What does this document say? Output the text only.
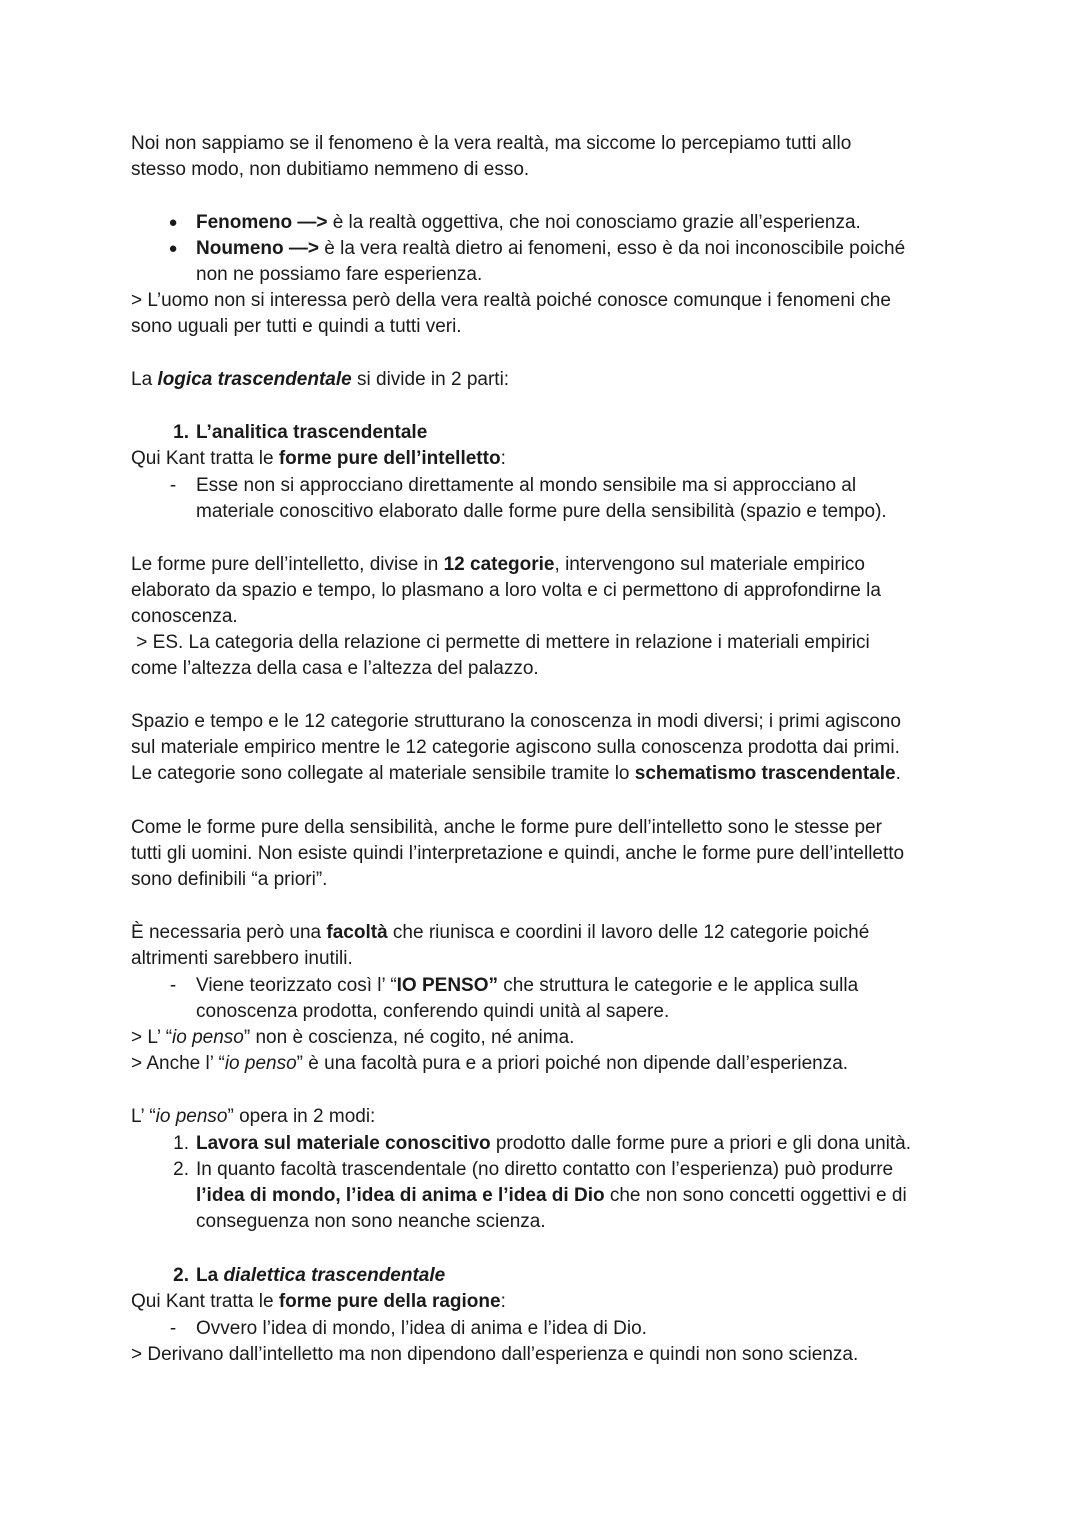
Noi non sappiamo se il fenomeno è la vera realtà, ma siccome lo percepiamo tutti allo
stesso modo, non dubitiamo nemmeno di esso.
● Fenomeno —> è la realtà oggettiva, che noi conosciamo grazie all’esperienza.
● Noumeno —> è la vera realtà dietro ai fenomeni, esso è da noi inconoscibile poiché
non ne possiamo fare esperienza.
> L’uomo non si interessa però della vera realtà poiché conosce comunque i fenomeni che
sono uguali per tutti e quindi a tutti veri.
La logica trascendentale si divide in 2 parti:
1. L’analitica trascendentale
Qui Kant tratta le forme pure dell’intelletto:
-	Esse non si approcciano direttamente al mondo sensibile ma si approcciano al
materiale conoscitivo elaborato dalle forme pure della sensibilità (spazio e tempo).
Le forme pure dell’intelletto, divise in 12 categorie, intervengono sul materiale empirico
elaborato da spazio e tempo, lo plasmano a loro volta e ci permettono di approfondirne la
conoscenza.
> ES. La categoria della relazione ci permette di mettere in relazione i materiali empirici
come l’altezza della casa e l’altezza del palazzo.
Spazio e tempo e le 12 categorie strutturano la conoscenza in modi diversi; i primi agiscono
sul materiale empirico mentre le 12 categorie agiscono sulla conoscenza prodotta dai primi.
Le categorie sono collegate al materiale sensibile tramite lo schematismo trascendentale.
Come le forme pure della sensibilità, anche le forme pure dell’intelletto sono le stesse per
tutti gli uomini. Non esiste quindi l’interpretazione e quindi, anche le forme pure dell’intelletto
sono definibili “a priori”.
È necessaria però una facoltà che riunisca e coordini il lavoro delle 12 categorie poiché
altrimenti sarebbero inutili.
-	Viene teorizzato così l’ “IO PENSO” che struttura le categorie e le applica sulla
conoscenza prodotta, conferendo quindi unità al sapere.
> L’ “io penso” non è coscienza, né cogito, né anima.
> Anche l’ “io penso” è una facoltà pura e a priori poiché non dipende dall’esperienza.
L’ “io penso” opera in 2 modi:
1. Lavora sul materiale conoscitivo prodotto dalle forme pure a priori e gli dona unità.
2. In quanto facoltà trascendentale (no diretto contatto con l’esperienza) può produrre
l’idea di mondo, l’idea di anima e l’idea di Dio che non sono concetti oggettivi e di
conseguenza non sono neanche scienza.
2. La dialettica trascendentale
Qui Kant tratta le forme pure della ragione:
-	Ovvero l’idea di mondo, l’idea di anima e l’idea di Dio.
> Derivano dall’intelletto ma non dipendono dall’esperienza e quindi non sono scienza.
